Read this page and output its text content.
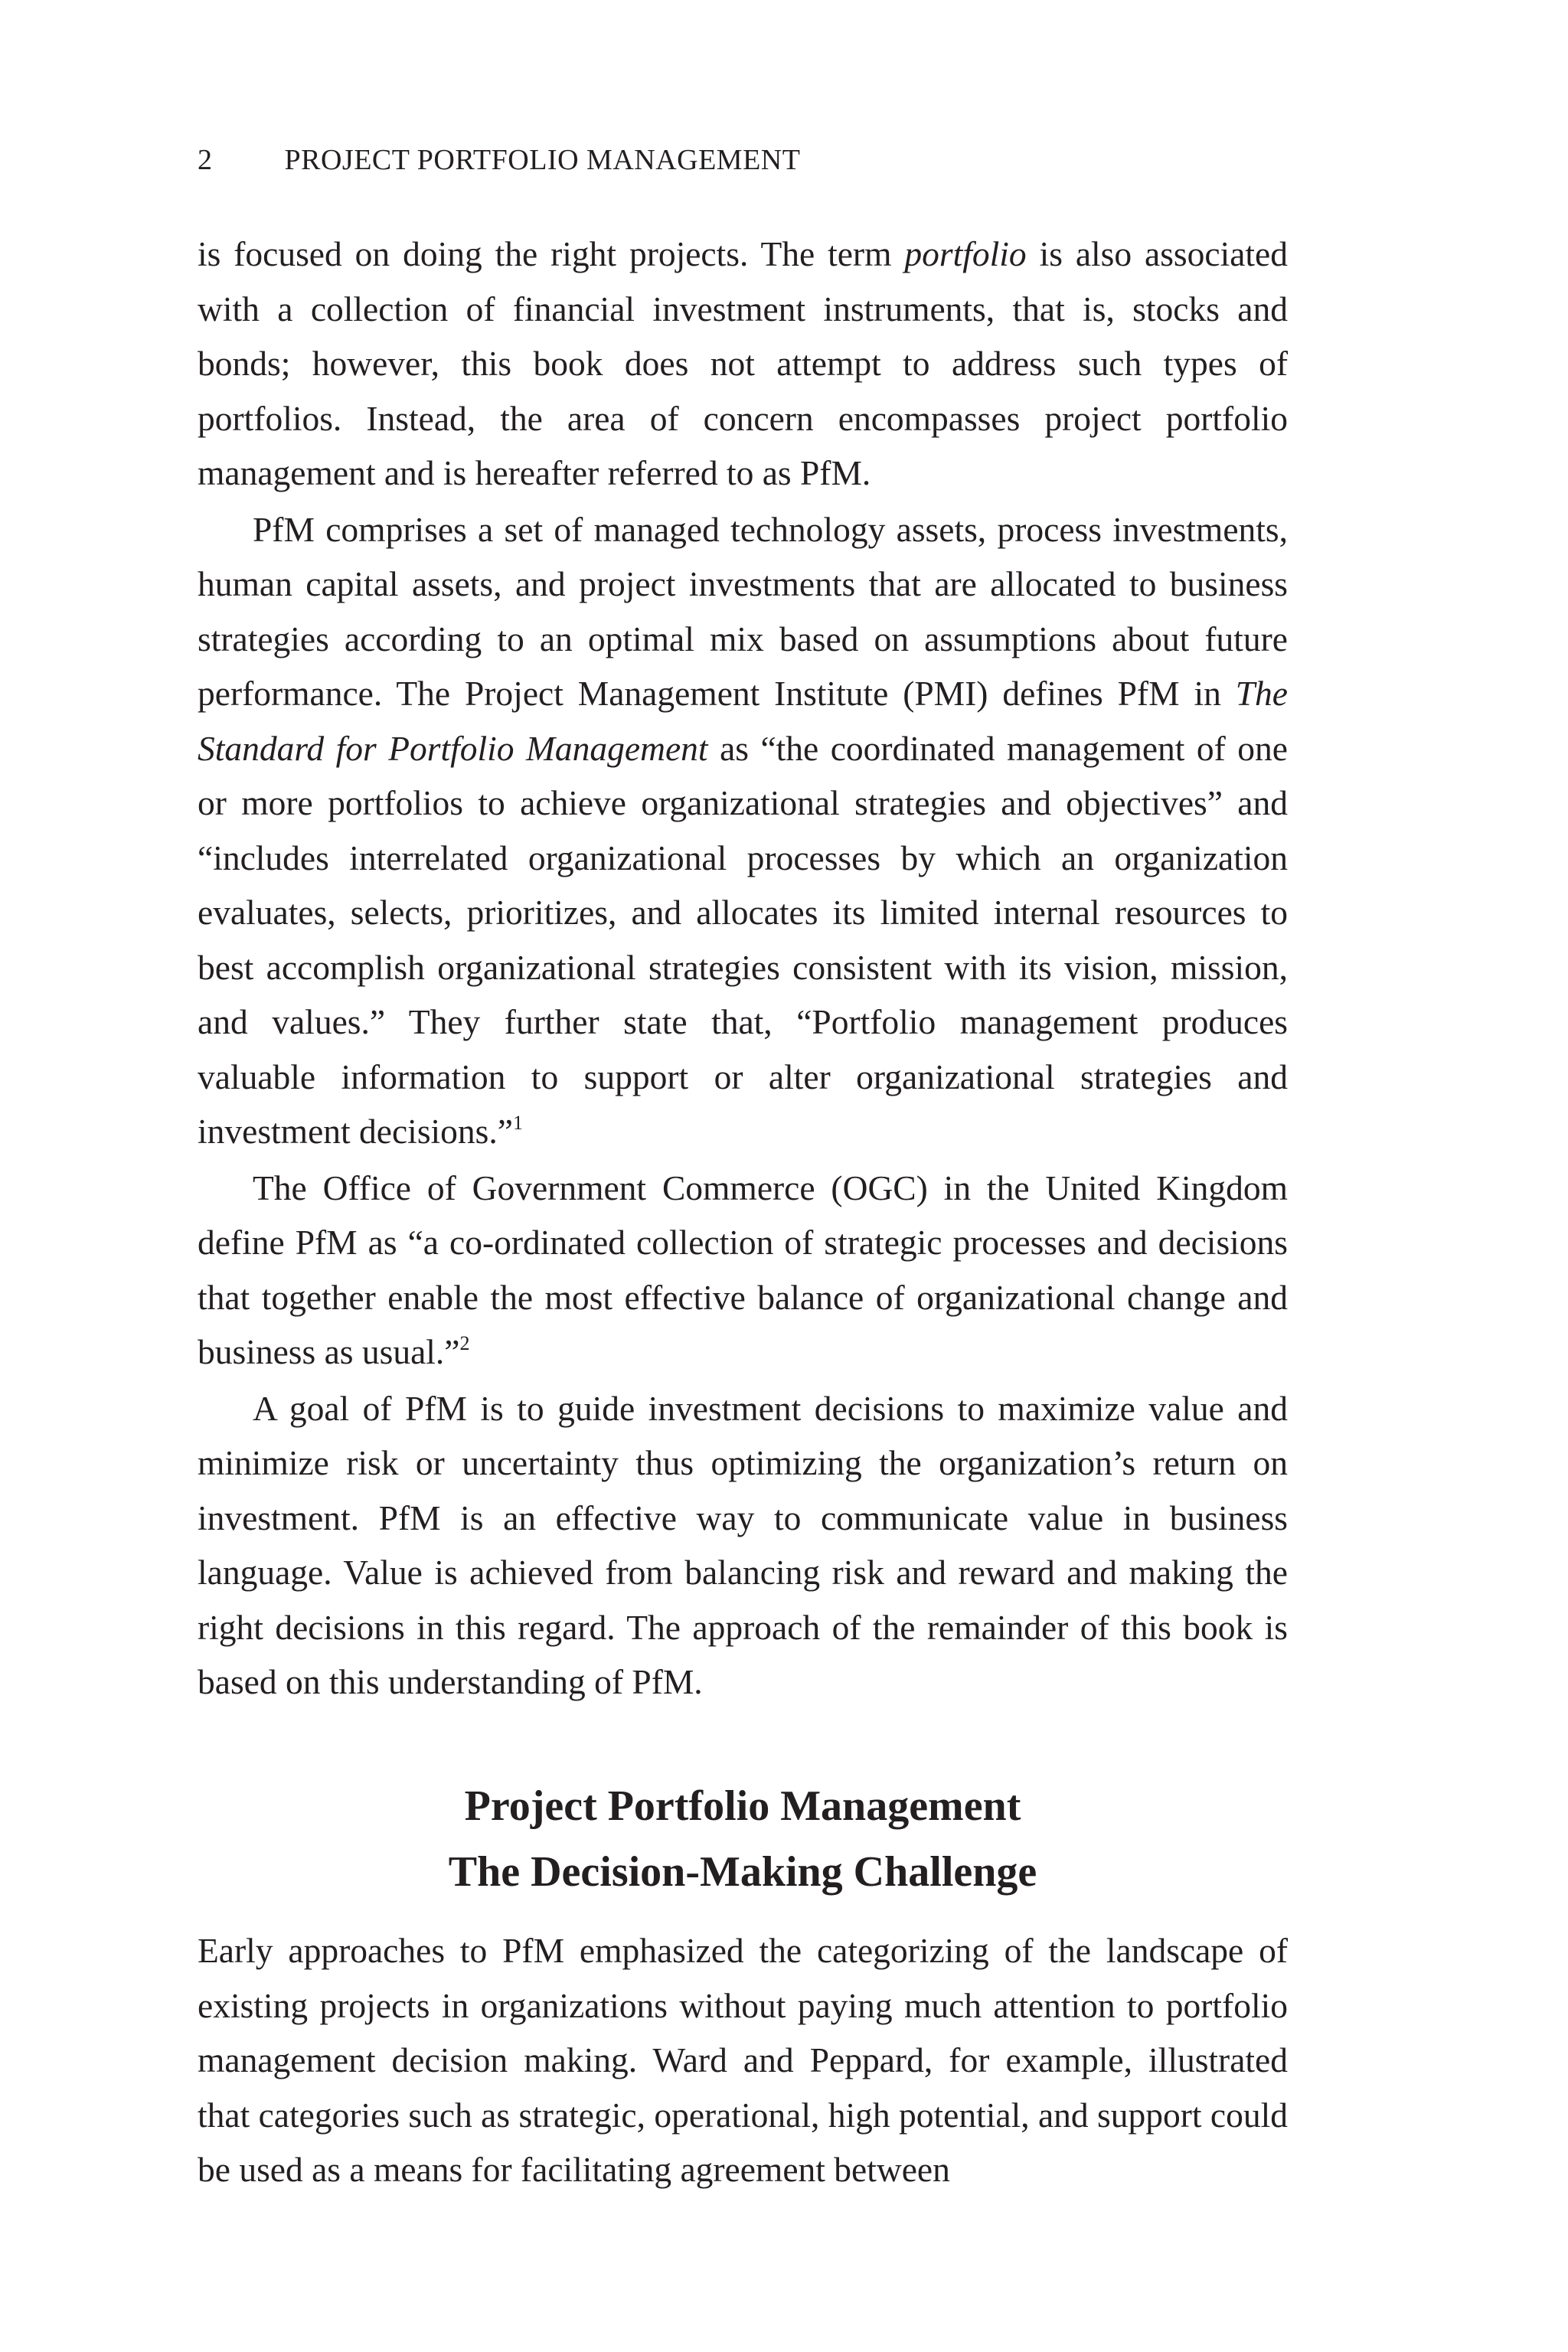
2 PROJECT PORTFOLIO MANAGEMENT

is focused on doing the right projects. The term portfolio is also associated with a collection of financial investment instruments, that is, stocks and bonds; however, this book does not attempt to address such types of portfolios. Instead, the area of concern encompasses project portfolio management and is hereafter referred to as PfM.

PfM comprises a set of managed technology assets, process investments, human capital assets, and project investments that are allocated to business strategies according to an optimal mix based on assumptions about future performance. The Project Management Institute (PMI) defines PfM in The Standard for Portfolio Management as “the coordinated management of one or more portfolios to achieve organizational strategies and objectives” and “includes interrelated organizational processes by which an organization evaluates, selects, prioritizes, and allocates its limited internal resources to best accomplish organizational strategies consistent with its vision, mission, and values.” They further state that, “Portfolio management produces valuable information to support or alter organizational strategies and investment decisions.”$^1$

The Office of Government Commerce (OGC) in the United Kingdom define PfM as “a co-ordinated collection of strategic processes and decisions that together enable the most effective balance of organizational change and business as usual.”$^2$

A goal of PfM is to guide investment decisions to maximize value and minimize risk or uncertainty thus optimizing the organization’s return on investment. PfM is an effective way to communicate value in business language. Value is achieved from balancing risk and reward and making the right decisions in this regard. The approach of the remainder of this book is based on this understanding of PfM.

Project Portfolio Management
The Decision-Making Challenge

Early approaches to PfM emphasized the categorizing of the landscape of existing projects in organizations without paying much attention to portfolio management decision making. Ward and Peppard, for example, illustrated that categories such as strategic, operational, high potential, and support could be used as a means for facilitating agreement between
